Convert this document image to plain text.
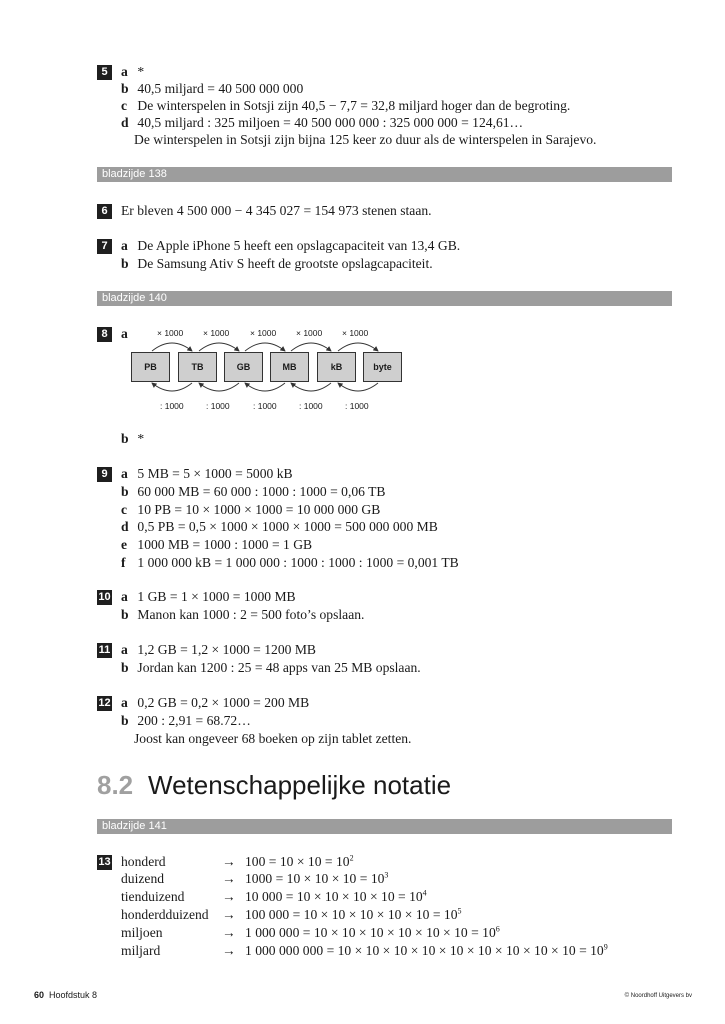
5 a *
b 40,5 miljard = 40 500 000 000
c De winterspelen in Sotsji zijn 40,5 − 7,7 = 32,8 miljard hoger dan de begroting.
d 40,5 miljard : 325 miljoen = 40 500 000 000 : 325 000 000 = 124,61…
De winterspelen in Sotsji zijn bijna 125 keer zo duur als de winterspelen in Sarajevo.
bladzijde 138
6 Er bleven 4 500 000 − 4 345 027 = 154 973 stenen staan.
7 a De Apple iPhone 5 heeft een opslagcapaciteit van 13,4 GB.
b De Samsung Ativ S heeft de grootste opslagcapaciteit.
bladzijde 140
8 a	× 1000 × 1000 × 1000 × 1000 × 1000
PB	TB	GB	MB	kB	byte
: 1000	: 1000	: 1000	: 1000	: 1000
b *
9 a 5 MB = 5 × 1000 = 5000 kB
b 60 000 MB = 60 000 : 1000 : 1000 = 0,06 TB
c 10 PB = 10 × 1000 × 1000 = 10 000 000 GB
d 0,5 PB = 0,5 × 1000 × 1000 × 1000 = 500 000 000 MB
e 1000 MB = 1000 : 1000 = 1 GB
f 1 000 000 kB = 1 000 000 : 1000 : 1000 : 1000 = 0,001 TB
10 a 1 GB = 1 × 1000 = 1000 MB
b Manon kan 1000 : 2 = 500 foto’s opslaan.
11 a 1,2 GB = 1,2 × 1000 = 1200 MB
b Jordan kan 1200 : 25 = 48 apps van 25 MB opslaan.
12 a 0,2 GB = 0,2 × 1000 = 200 MB
b 200 : 2,91 = 68.72…
Joost kan ongeveer 68 boeken op zijn tablet zetten.
8.2 Wetenschappelijke notatie
bladzijde 141
13 honderd	→ $100 = 10 \times 10 = 10^2$
duizend	→ $1000 = 10 \times 10 \times 10 = 10^3$
tienduizend	→ 10 $000 = 10 \times 10 \times 10 \times 10 = 10^4$
honderdduizend → 100 $000 = 10 \times 10 \times 10 \times 10 \times 10 = 10^5$
miljoen	→ 1 000 $000 = 10 \times 10 \times 10 \times 10 \times 10 \times 10 = 10^6$
miljard	→ 1 000 000 $000 = 10 \times 10 \times 10 \times 10 \times 10 \times 10 \times 10 \times 10 \times 10 = 10^9$
60 Hoofdstuk 8	© Noordhoff Uitgevers bv
